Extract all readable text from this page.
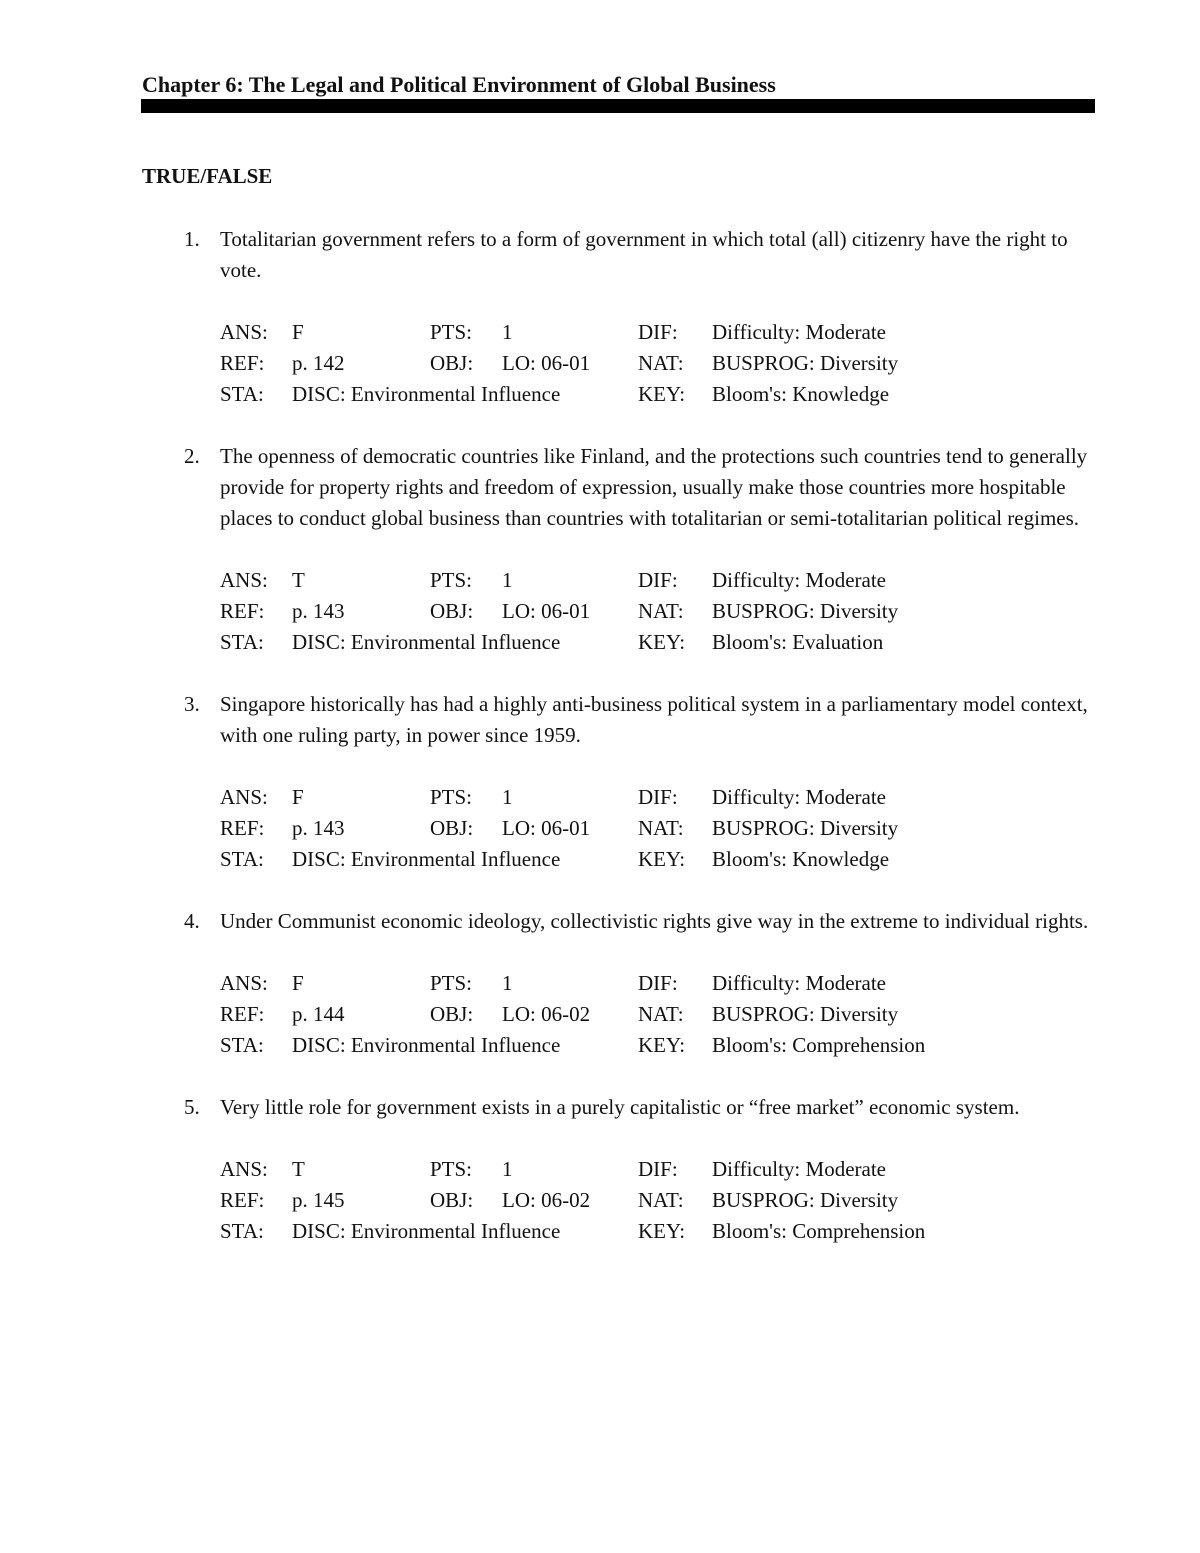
Chapter 6: The Legal and Political Environment of Global Business
TRUE/FALSE
1. Totalitarian government refers to a form of government in which total (all) citizenry have the right to vote.
ANS:	F	PTS:	1	DIF:	Difficulty: Moderate
REF:	p. 142	OBJ:	LO: 06-01	NAT:	BUSPROG: Diversity
STA:	DISC: Environmental Influence	KEY:	Bloom's: Knowledge
2. The openness of democratic countries like Finland, and the protections such countries tend to generally provide for property rights and freedom of expression, usually make those countries more hospitable places to conduct global business than countries with totalitarian or semi-totalitarian political regimes.
ANS:	T	PTS:	1	DIF:	Difficulty: Moderate
REF:	p. 143	OBJ:	LO: 06-01	NAT:	BUSPROG: Diversity
STA:	DISC: Environmental Influence	KEY:	Bloom's: Evaluation
3. Singapore historically has had a highly anti-business political system in a parliamentary model context, with one ruling party, in power since 1959.
ANS:	F	PTS:	1	DIF:	Difficulty: Moderate
REF:	p. 143	OBJ:	LO: 06-01	NAT:	BUSPROG: Diversity
STA:	DISC: Environmental Influence	KEY:	Bloom's: Knowledge
4. Under Communist economic ideology, collectivistic rights give way in the extreme to individual rights.
ANS:	F	PTS:	1	DIF:	Difficulty: Moderate
REF:	p. 144	OBJ:	LO: 06-02	NAT:	BUSPROG: Diversity
STA:	DISC: Environmental Influence	KEY:	Bloom's: Comprehension
5. Very little role for government exists in a purely capitalistic or “free market” economic system.
ANS:	T	PTS:	1	DIF:	Difficulty: Moderate
REF:	p. 145	OBJ:	LO: 06-02	NAT:	BUSPROG: Diversity
STA:	DISC: Environmental Influence	KEY:	Bloom's: Comprehension
